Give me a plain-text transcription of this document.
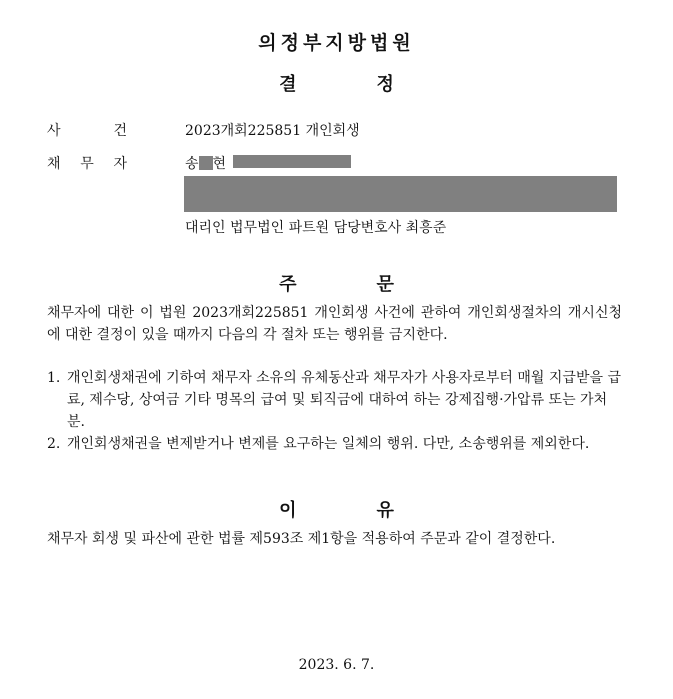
의정부지방법원
결정
사	건	2023개회225851 개인회생
채 무 자	송 현
대리인 법무법인 파트원 담당변호사 최흥준
주문
채무자에 대한 이 법원 2023개회225851 개인회생 사건에 관하여 개인회생절차의 개시신청에 대한 결정이 있을 때까지 다음의 각 절차 또는 행위를 금지한다.
1. 개인회생채권에 기하여 채무자 소유의 유체동산과 채무자가 사용자로부터 매월 지급받을 급료, 제수당, 상여금 기타 명목의 급여 및 퇴직금에 대하여 하는 강제집행·가압류 또는 가처분.
2. 개인회생채권을 변제받거나 변제를 요구하는 일체의 행위. 다만, 소송행위를 제외한다.
이유
채무자 회생 및 파산에 관한 법률 제593조 제1항을 적용하여 주문과 같이 결정한다.
2023. 6. 7.
